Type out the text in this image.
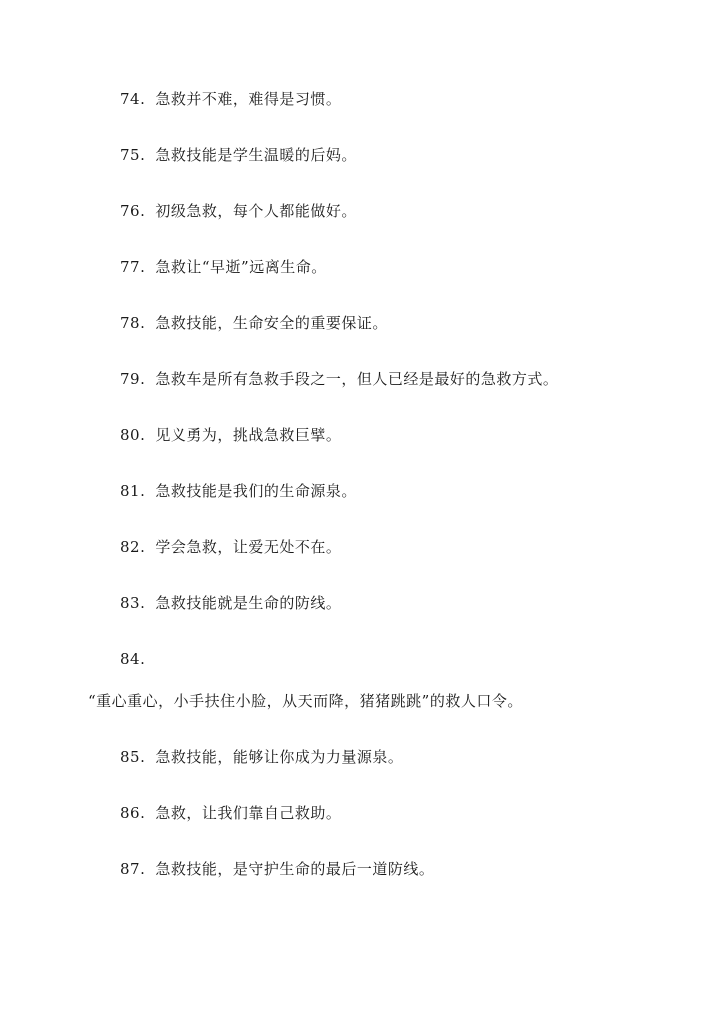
74. 急救并不难，难得是习惯。
75. 急救技能是学生温暖的后妈。
76. 初级急救，每个人都能做好。
77. 急救让“早逝”远离生命。
78. 急救技能，生命安全的重要保证。
79. 急救车是所有急救手段之一，但人已经是最好的急救方式。
80. 见义勇为，挑战急救巨擘。
81. 急救技能是我们的生命源泉。
82. 学会急救，让爱无处不在。
83. 急救技能就是生命的防线。
84.
“重心重心，小手扶住小脸，从天而降，猪猪跳跳”的救人口令。
85. 急救技能，能够让你成为力量源泉。
86. 急救，让我们靠自己救助。
87. 急救技能，是守护生命的最后一道防线。
